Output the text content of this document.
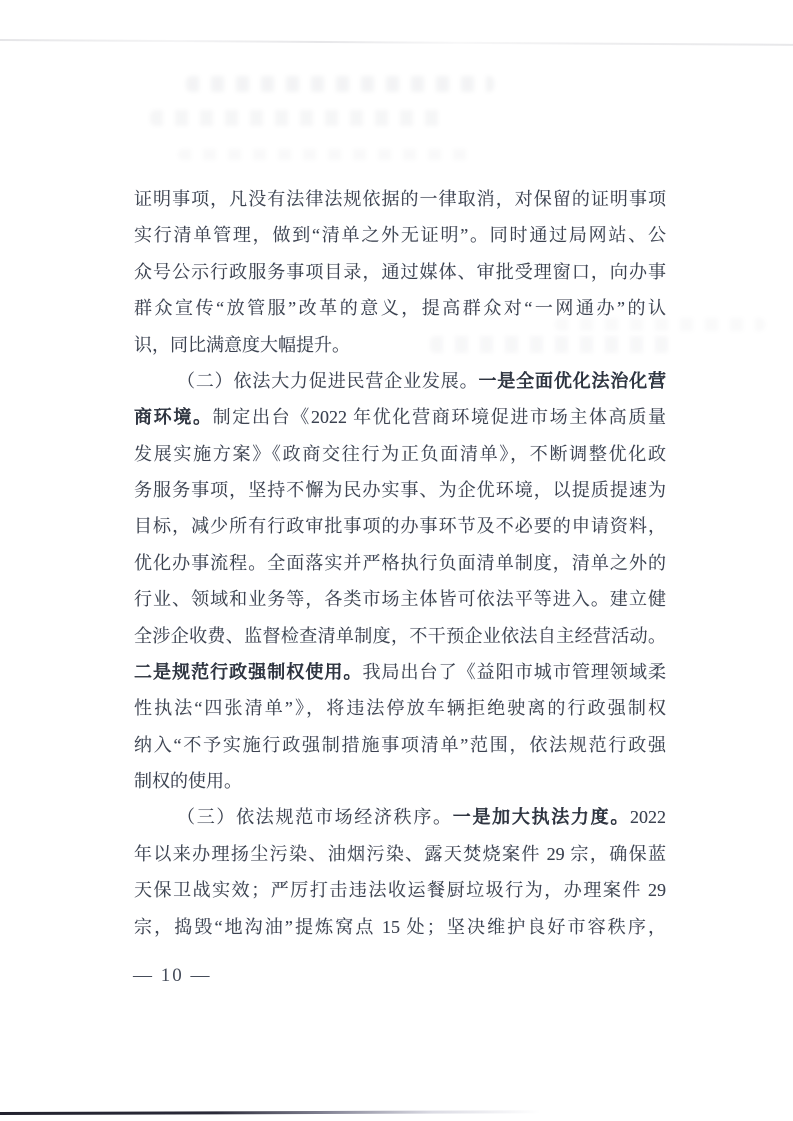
证明事项，凡没有法律法规依据的一律取消，对保留的证明事项
实行清单管理，做到“清单之外无证明”。同时通过局网站、公
众号公示行政服务事项目录，通过媒体、审批受理窗口，向办事
群众宣传“放管服”改革的意义，提高群众对“一网通办”的认
识，同比满意度大幅提升。
（二）依法大力促进民营企业发展。一是全面优化法治化营
商环境。制定出台《2022 年优化营商环境促进市场主体高质量
发展实施方案》《政商交往行为正负面清单》，不断调整优化政
务服务事项，坚持不懈为民办实事、为企优环境，以提质提速为
目标，减少所有行政审批事项的办事环节及不必要的申请资料，
优化办事流程。全面落实并严格执行负面清单制度，清单之外的
行业、领域和业务等，各类市场主体皆可依法平等进入。建立健
全涉企收费、监督检查清单制度，不干预企业依法自主经营活动。
二是规范行政强制权使用。我局出台了《益阳市城市管理领域柔
性执法“四张清单”》，将违法停放车辆拒绝驶离的行政强制权
纳入“不予实施行政强制措施事项清单”范围，依法规范行政强
制权的使用。
（三）依法规范市场经济秩序。一是加大执法力度。2022
年以来办理扬尘污染、油烟污染、露天焚烧案件 29 宗，确保蓝
天保卫战实效；严厉打击违法收运餐厨垃圾行为，办理案件 29
宗，捣毁“地沟油”提炼窝点 15 处；坚决维护良好市容秩序，
— 10 —
